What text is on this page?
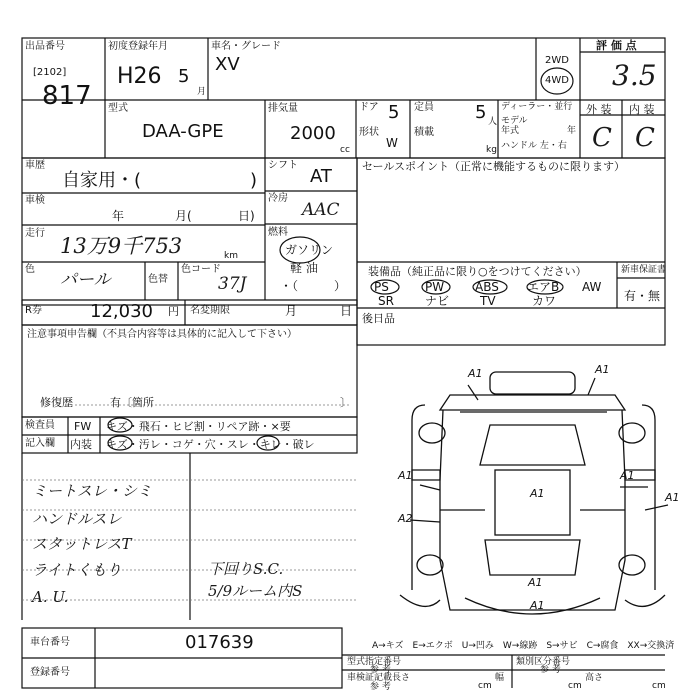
出品番号
[2102]
817
初度登録年月
H26 5
月
車名・グレード
XV	2WD
4WD
評 価 点
3.5
型式
DAA-GPE
排気量
2000
cc
ドア 5
形状
W
定員 5 人
積載
kg
ディーラー・並行
モデル
年式	年
ハンドル 左・右
外 装 内 装
C C
車歴
自家用・(	)
シフト
AT	セールスポイント（正常に機能するものに限ります）
車検
年	月(	日)
冷房
AAC
走行
13万9千753	km
燃料
ガソリン
軽 油
・（　　　）
色
パール	色替
色コード
37J
装備品（純正品に限り○をつけてください）
PS	PW	ABS エアB AW
SR	ナビ	TV	カワ
新車保証書
有・無
R券	12,030 円 名変期限	月	日
後日品
注意事項申告欄（不具合内容等は具体的に記入して下さい）
修復歴	有〔箇所	〕
検査員
記入欄
FW
内装
キズ・飛石・ヒビ割・リペア跡・×要
キズ・汚レ・コゲ・穴・スレ・キレ・破レ
ミートスレ・シミ
ハンドルスレ
スタットレスT
ライトくもり
A. U.
下回りS.C.
5/9ルーム内S
A1	A1
A1
A1	A1
A1
A2
A1
A1
車台番号	017639	A→キズ　E→エクボ　U→凹み　W→線跡　S→サビ　C→腐食　XX→交換済
型式指定番号
参 考
類別区分番号
参 考
登録番号	車検証記載
参 考
長さ
cm
幅
cm
高さ
cm
